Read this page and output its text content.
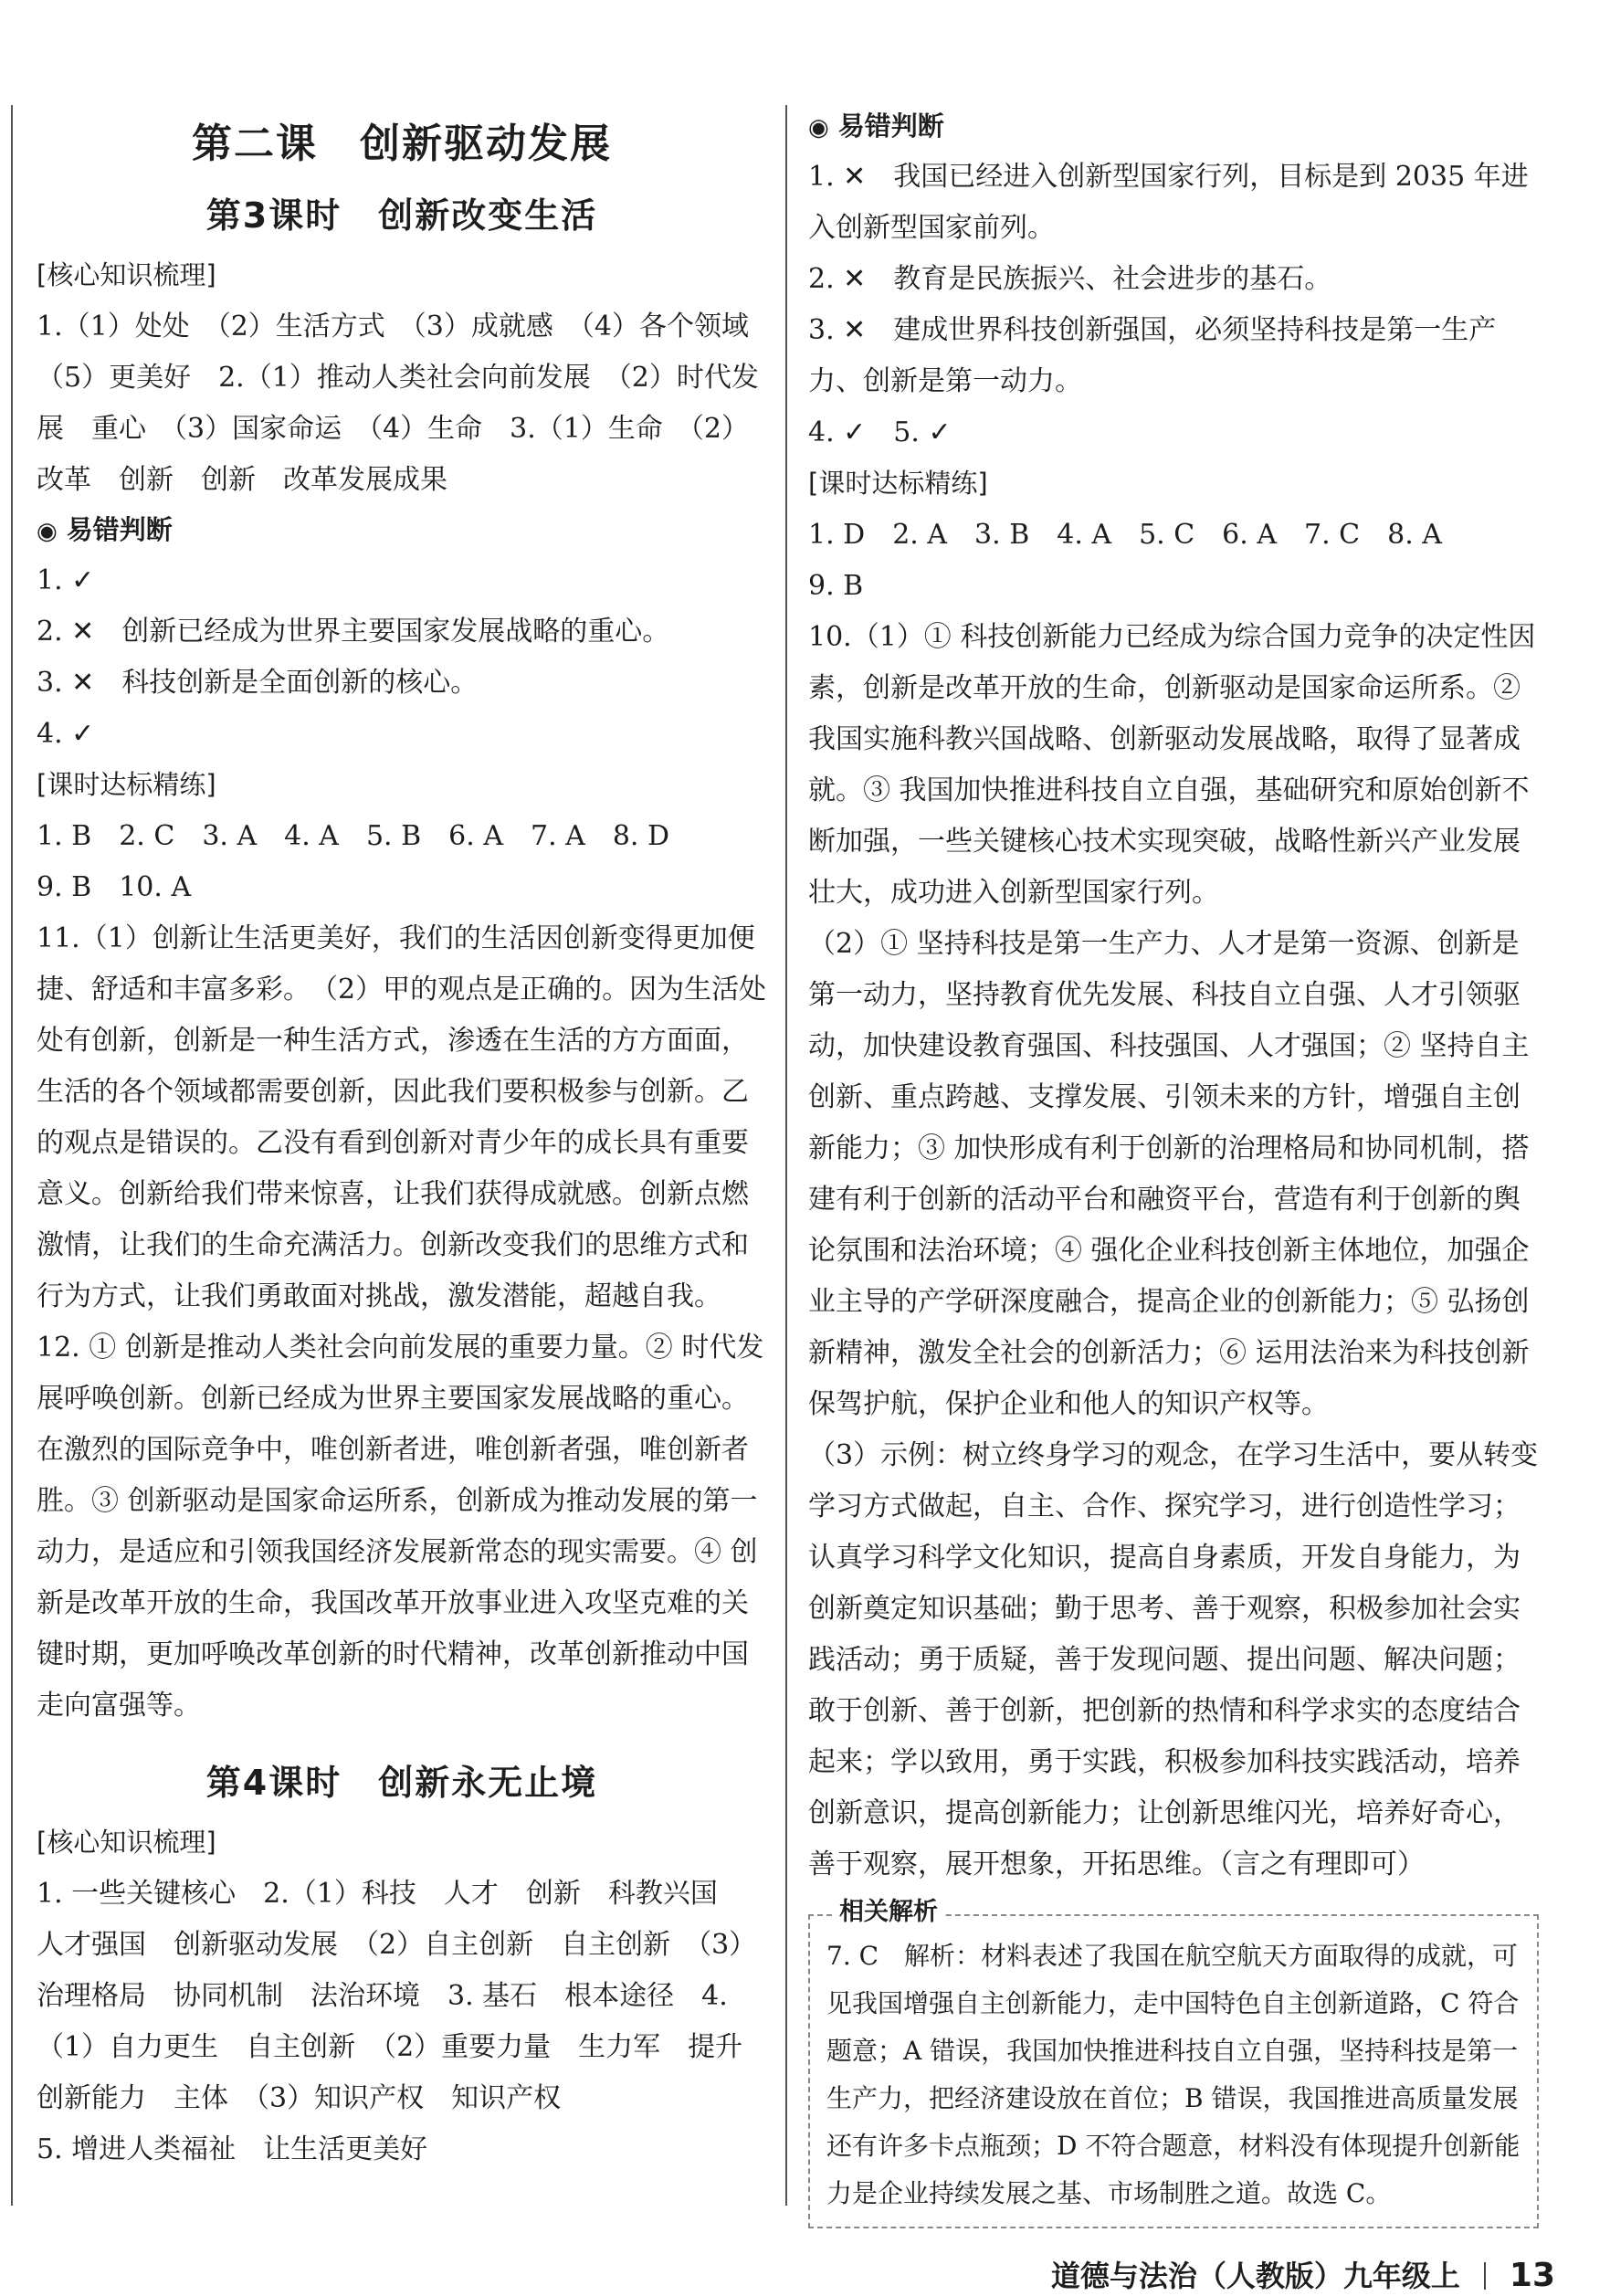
第二课　创新驱动发展
第3课时　创新改变生活
[ 核心知识梳理 ]

1.（1）处处　（2）生活方式　（3）成就感　（4）各个领域　（5）更美好　2.（1）推动人类社会向前发展　（2）时代发展　重心　（3）国家命运　（4）生命　3.（1）生命　（2）改革　创新　创新　改革发展成果

◉ 易错判断

1. ✓

2. ✕　创新已经成为世界主要国家发展战略的重心。

3. ✕　科技创新是全面创新的核心。

4. ✓

[ 课时达标精练 ]

1. B　2. C　3. A　4. A　5. B　6. A　7. A　8. D

9. B　10. A

11.（1）创新让生活更美好，我们的生活因创新变得更加便捷、舒适和丰富多彩。　（2）甲的观点是正确的。因为生活处处有创新，创新是一种生活方式，渗透在生活的方方面面，生活的各个领域都需要创新，因此我们要积极参与创新。乙的观点是错误的。乙没有看到创新对青少年的成长具有重要意义。创新给我们带来惊喜，让我们获得成就感。创新点燃激情，让我们的生命充满活力。创新改变我们的思维方式和行为方式，让我们勇敢面对挑战，激发潜能，超越自我。

12. ① 创新是推动人类社会向前发展的重要力量。② 时代发展呼唤创新。创新已经成为世界主要国家发展战略的重心。在激烈的国际竞争中，唯创新者进，唯创新者强，唯创新者胜。③ 创新驱动是国家命运所系，创新成为推动发展的第一动力，是适应和引领我国经济发展新常态的现实需要。④ 创新是改革开放的生命，我国改革开放事业进入攻坚克难的关键时期，更加呼唤改革创新的时代精神，改革创新推动中国走向富强等。

第4课时　创新永无止境
[ 核心知识梳理 ]

1. 一些关键核心　2.（1）科技　人才　创新　科教兴国　人才强国　创新驱动发展　（2）自主创新　自主创新　（3）治理格局　协同机制　法治环境　3. 基石　根本途径　4.（1）自力更生　自主创新　（2）重要力量　生力军　提升创新能力　主体　（3）知识产权　知识产权

5. 增进人类福祉　让生活更美好

◉ 易错判断

1. ✕　我国已经进入创新型国家行列，目标是到 2035 年进入创新型国家前列。

2. ✕　教育是民族振兴、社会进步的基石。

3. ✕　建成世界科技创新强国，必须坚持科技是第一生产力、创新是第一动力。

4. ✓　5. ✓

[ 课时达标精练 ]

1. D　2. A　3. B　4. A　5. C　6. A　7. C　8. A

9. B

10.（1）① 科技创新能力已经成为综合国力竞争的决定性因素，创新是改革开放的生命，创新驱动是国家命运所系。② 我国实施科教兴国战略、创新驱动发展战略，取得了显著成就。③ 我国加快推进科技自立自强，基础研究和原始创新不断加强，一些关键核心技术实现突破，战略性新兴产业发展壮大，成功进入创新型国家行列。

（2）① 坚持科技是第一生产力、人才是第一资源、创新是第一动力，坚持教育优先发展、科技自立自强、人才引领驱动，加快建设教育强国、科技强国、人才强国；② 坚持自主创新、重点跨越、支撑发展、引领未来的方针，增强自主创新能力；③ 加快形成有利于创新的治理格局和协同机制，搭建有利于创新的活动平台和融资平台，营造有利于创新的舆论氛围和法治环境；④ 强化企业科技创新主体地位，加强企业主导的产学研深度融合，提高企业的创新能力；⑤ 弘扬创新精神，激发全社会的创新活力；⑥ 运用法治来为科技创新保驾护航，保护企业和他人的知识产权等。

（3）示例：树立终身学习的观念，在学习生活中，要从转变学习方式做起，自主、合作、探究学习，进行创造性学习；认真学习科学文化知识，提高自身素质，开发自身能力，为创新奠定知识基础；勤于思考、善于观察，积极参加社会实践活动；勇于质疑，善于发现问题、提出问题、解决问题；敢于创新、善于创新，把创新的热情和科学求实的态度结合起来；学以致用，勇于实践，积极参加科技实践活动，培养创新意识，提高创新能力；让创新思维闪光，培养好奇心，善于观察，展开想象，开拓思维。（言之有理即可）

相关解析

7. C　解析：材料表述了我国在航空航天方面取得的成就，可见我国增强自主创新能力，走中国特色自主创新道路，C 符合题意；A 错误，我国加快推进科技自立自强，坚持科技是第一生产力，把经济建设放在首位；B 错误，我国推进高质量发展还有许多卡点瓶颈；D 不符合题意，材料没有体现提升创新能力是企业持续发展之基、市场制胜之道。故选 C。

道德与法治（人教版）九年级上 13
